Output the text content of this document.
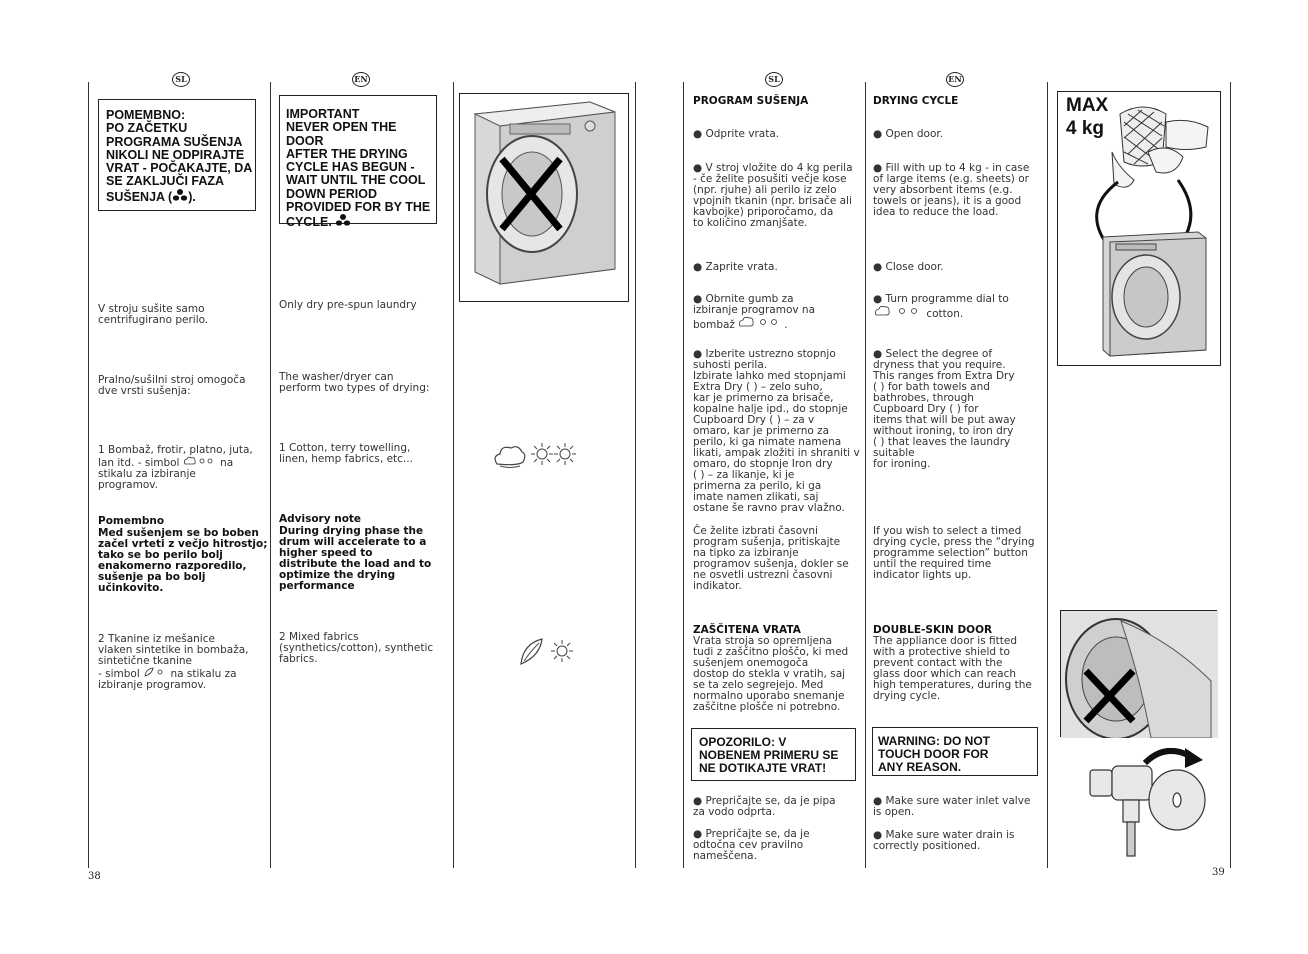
SL	EN
POMEMBNO:
PO ZAČETKU
PROGRAMA SUŠENJA
NIKOLI NE ODPIRAJTE
VRAT - POČAKAJTE, DA
SE ZAKLJUČI FAZA
SUŠENJA ( ).
IMPORTANT
NEVER OPEN THE DOOR
AFTER THE DRYING
CYCLE HAS BEGUN -
WAIT UNTIL THE COOL
DOWN PERIOD
PROVIDED FOR BY THE
CYCLE.
V stroju sušite samo
centrifugirano perilo.
Only dry pre-spun laundry
Pralno/sušilni stroj omogoča
dve vrsti sušenja:
The washer/dryer can
perform two types of drying:
1 Bombaž, frotir, platno, juta,
lan itd. - simbol	na
stikalu za izbiranje
programov.
1 Cotton, terry towelling,
linen, hemp fabrics, etc...
Pomembno
Med sušenjem se bo boben
začel vrteti z večjo hitrostjo;
tako se bo perilo bolj
enakomerno razporedilo,
sušenje pa bo bolj
učinkovito.
Advisory note
During drying phase the
drum will accelerate to a
higher speed to
distribute the load and to
optimize the drying
performance
2 Tkanine iz mešanice
vlaken sintetike in bombaža,
sintetične tkanine
- simbol	na stikalu za
izbiranje programov.
2 Mixed fabrics
(synthetics/cotton), synthetic
fabrics.
38
SL	EN
PROGRAM SUŠENJA	DRYING CYCLE
● Odprite vrata.	● Open door.
● V stroj vložite do 4 kg perila
- če želite posušiti večje kose
(npr. rjuhe) ali perilo iz zelo
vpojnih tkanin (npr. brisače ali
kavbojke) priporočamo, da
to količino zmanjšate.
● Fill with up to 4 kg - in case
of large items (e.g. sheets) or
very absorbent items (e.g.
towels or jeans), it is a good
idea to reduce the load.
● Zaprite vrata.	● Close door.
● Obrnite gumb za
izbiranje programov na
bombaž	.
● Turn programme dial to
cotton.
● Izberite ustrezno stopnjo
suhosti perila.
Izbirate lahko med stopnjami
Extra Dry ( ) – zelo suho,
kar je primerno za brisače,
kopalne halje ipd., do stopnje
Cupboard Dry ( ) – za v
omaro, kar je primerno za
perilo, ki ga nimate namena
likati, ampak zložiti in shraniti v
omaro, do stopnje Iron dry
( ) – za likanje, ki je
primerna za perilo, ki ga
imate namen zlikati, saj
ostane še ravno prav vlažno.
● Select the degree of
dryness that you require.
This ranges from Extra Dry
( ) for bath towels and
bathrobes, through
Cupboard Dry ( ) for
items that will be put away
without ironing, to iron dry
( ) that leaves the laundry
suitable
for ironing.
Če želite izbrati časovni
program sušenja, pritiskajte
na tipko za izbiranje
programov sušenja, dokler se
ne osvetli ustrezni časovni
indikator.
If you wish to select a timed
drying cycle, press the “drying
programme selection” button
until the required time
indicator lights up.
ZAŠČITENA VRATA
Vrata stroja so opremljena
tudi z zaščitno ploščo, ki med
sušenjem onemogoča
dostop do stekla v vratih, saj
se ta zelo segrejejo. Med
normalno uporabo snemanje
zaščitne plošče ni potrebno.
DOUBLE-SKIN DOOR
The appliance door is fitted
with a protective shield to
prevent contact with the
glass door which can reach
high temperatures, during the
drying cycle.
OPOZORILO: V
NOBENEM PRIMERU SE
NE DOTIKAJTE VRAT!
WARNING: DO NOT
TOUCH DOOR FOR
ANY REASON.
● Prepričajte se, da je pipa
za vodo odprta.
● Make sure water inlet valve
is open.
● Prepričajte se, da je
odtočna cev pravilno
nameščena.
● Make sure water drain is
correctly positioned.
MAX
4 kg
39
